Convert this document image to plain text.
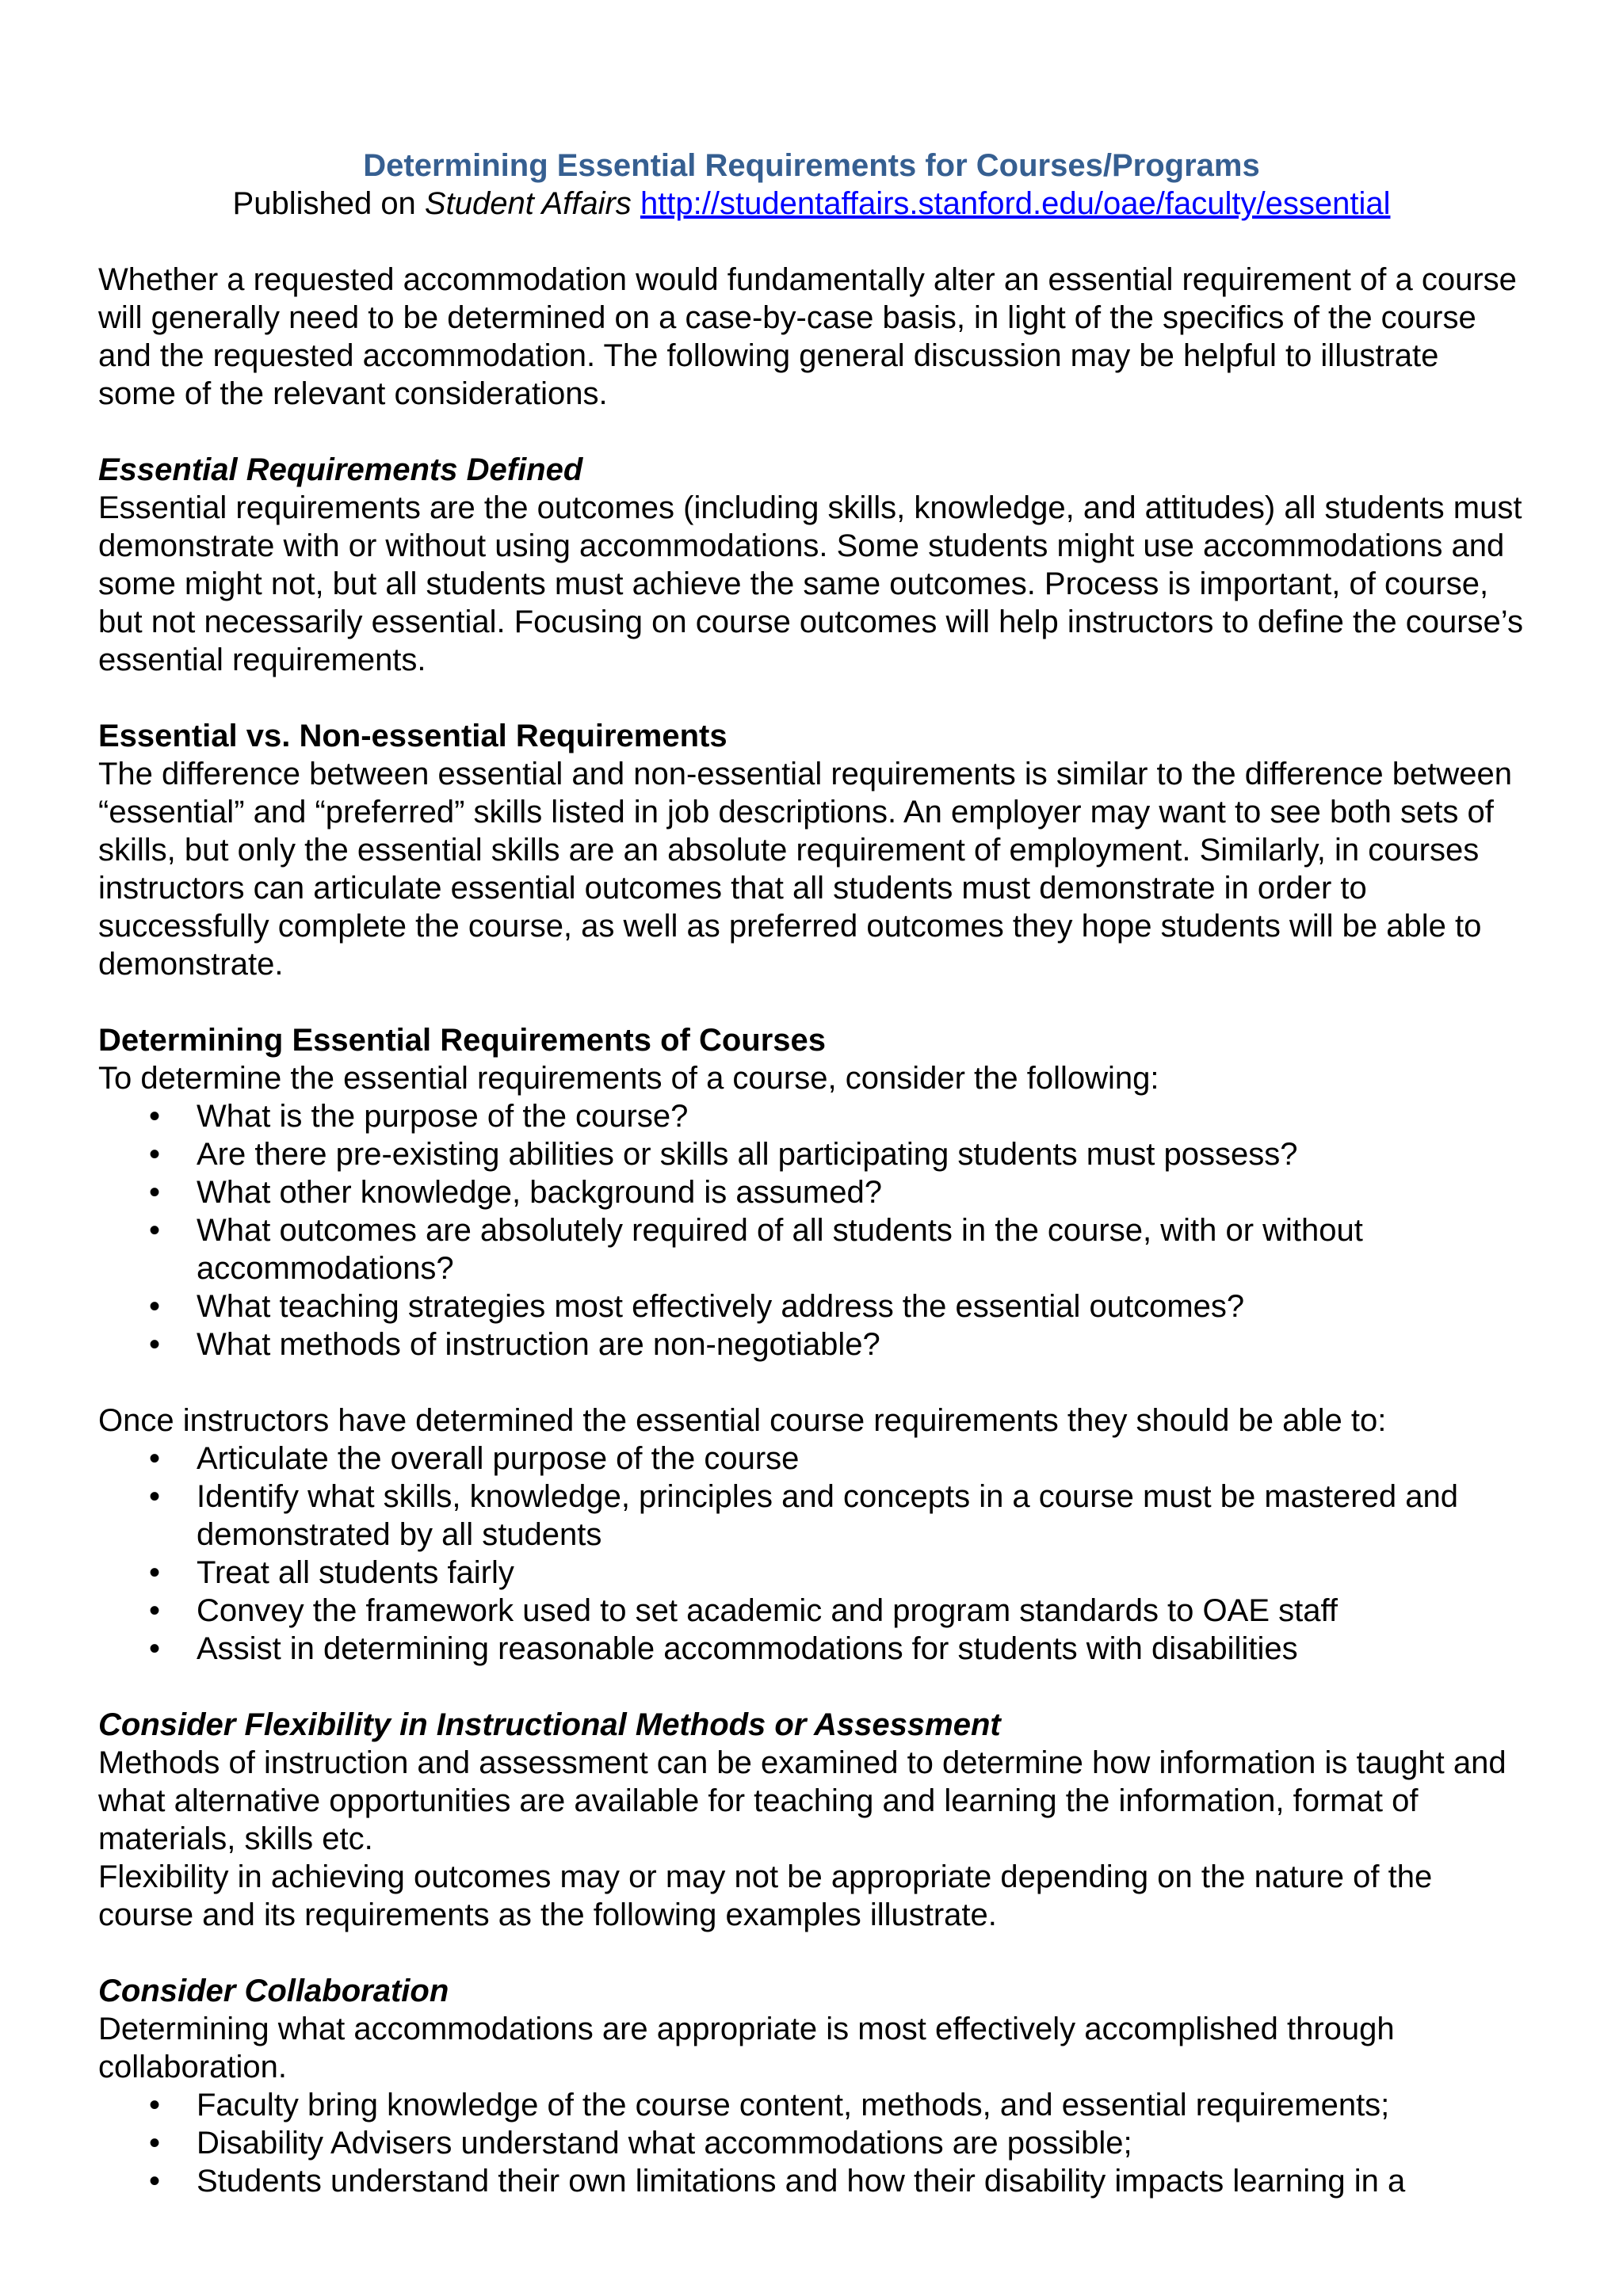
Determining Essential Requirements for Courses/Programs

Published on Student Affairs http://studentaffairs.stanford.edu/oae/faculty/essential

Whether a requested accommodation would fundamentally alter an essential requirement of a course will generally need to be determined on a case-by-case basis, in light of the specifics of the course and the requested accommodation. The following general discussion may be helpful to illustrate some of the relevant considerations.

Essential Requirements Defined

Essential requirements are the outcomes (including skills, knowledge, and attitudes) all students must demonstrate with or without using accommodations. Some students might use accommodations and some might not, but all students must achieve the same outcomes. Process is important, of course, but not necessarily essential. Focusing on course outcomes will help instructors to define the course’s essential requirements.

Essential vs. Non-essential Requirements

The difference between essential and non-essential requirements is similar to the difference between “essential” and “preferred” skills listed in job descriptions. An employer may want to see both sets of skills, but only the essential skills are an absolute requirement of employment. Similarly, in courses instructors can articulate essential outcomes that all students must demonstrate in order to successfully complete the course, as well as preferred outcomes they hope students will be able to demonstrate.

Determining Essential Requirements of Courses

To determine the essential requirements of a course, consider the following:

•	What is the purpose of the course?
•	Are there pre-existing abilities or skills all participating students must possess?
•	What other knowledge, background is assumed?
•	What outcomes are absolutely required of all students in the course, with or without accommodations?
•	What teaching strategies most effectively address the essential outcomes?
•	What methods of instruction are non-negotiable?

Once instructors have determined the essential course requirements they should be able to:

•	Articulate the overall purpose of the course
•	Identify what skills, knowledge, principles and concepts in a course must be mastered and demonstrated by all students
•	Treat all students fairly
•	Convey the framework used to set academic and program standards to OAE staff
•	Assist in determining reasonable accommodations for students with disabilities
Consider Flexibility in Instructional Methods or Assessment

Methods of instruction and assessment can be examined to determine how information is taught and what alternative opportunities are available for teaching and learning the information, format of materials, skills etc.

Flexibility in achieving outcomes may or may not be appropriate depending on the nature of the course and its requirements as the following examples illustrate.

Consider Collaboration

Determining what accommodations are appropriate is most effectively accomplished through collaboration.

•	Faculty bring knowledge of the course content, methods, and essential requirements;
•	Disability Advisers understand what accommodations are possible;
•	Students understand their own limitations and how their disability impacts learning in a
